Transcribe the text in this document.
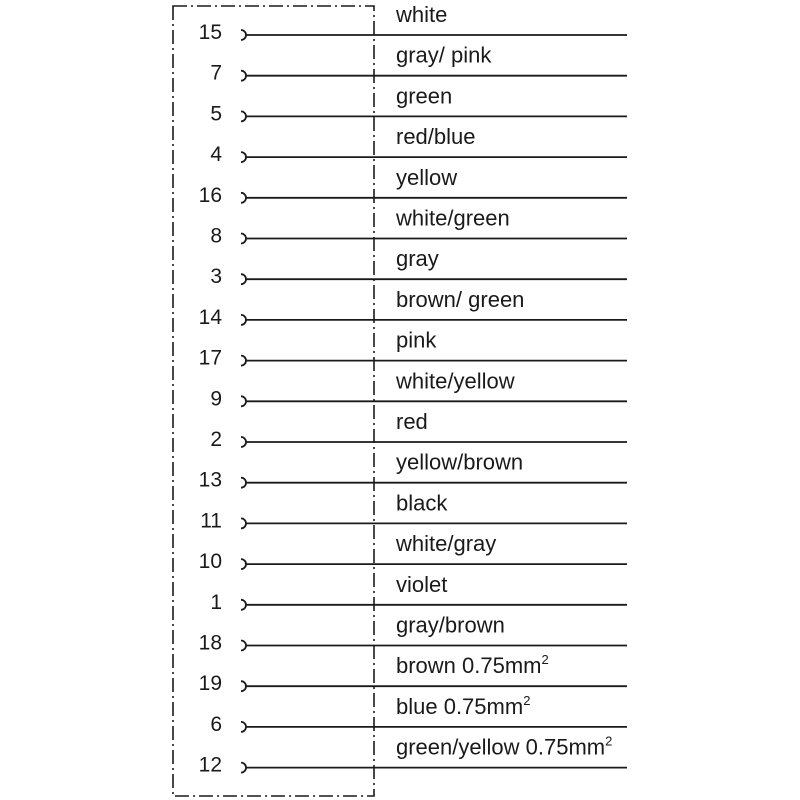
15
white
7
gray/ pink
5
green
4
red/blue
16
yellow
8
white/green
3
gray
14
brown/ green
17
pink
9
white/yellow
2
red
13
yellow/brown
11
black
10
white/gray
1
violet
18
gray/brown
19
brown $0.75mm^2$
6
blue $0.75mm^2$
12
green/yellow $0.75mm^2$
